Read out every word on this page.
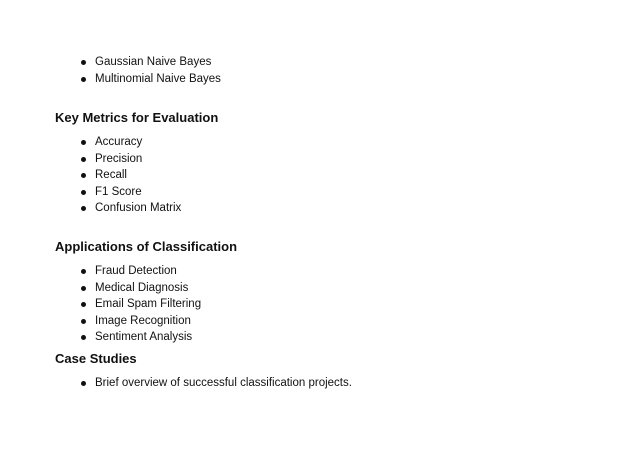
Gaussian Naive Bayes
Multinomial Naive Bayes
Key Metrics for Evaluation
Accuracy
Precision
Recall
F1 Score
Confusion Matrix
Applications of Classification
Fraud Detection
Medical Diagnosis
Email Spam Filtering
Image Recognition
Sentiment Analysis
Case Studies
Brief overview of successful classification projects.
